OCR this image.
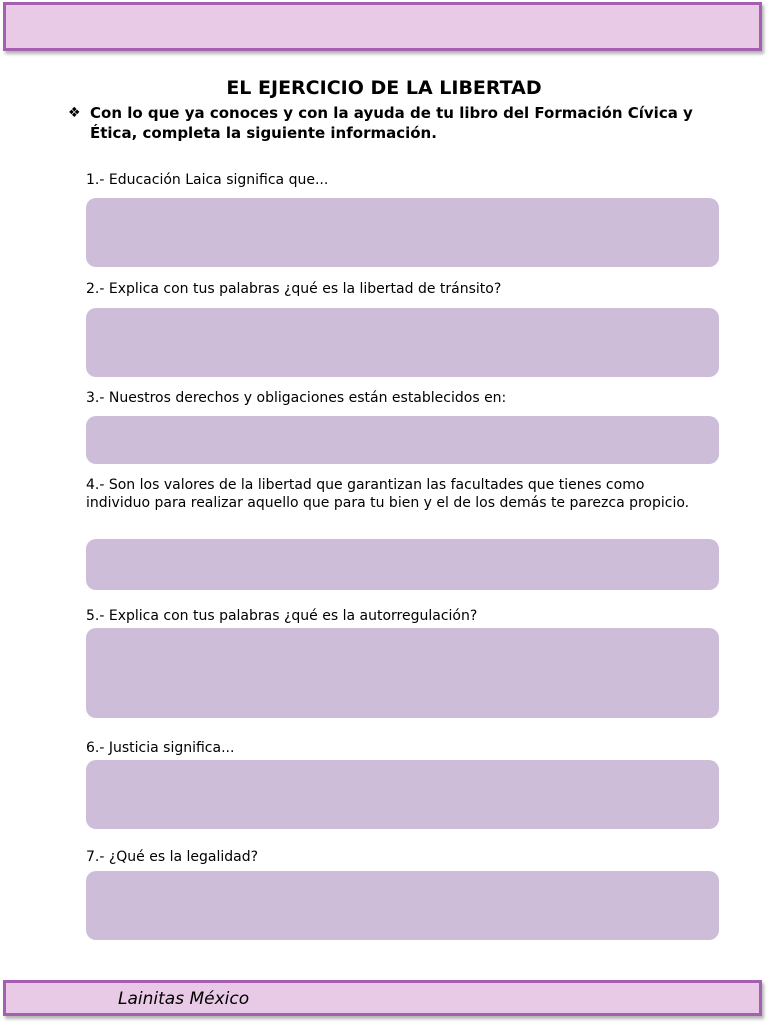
EL EJERCICIO DE LA LIBERTAD
❖ Con lo que ya conoces y con la ayuda de tu libro del Formación Cívica y Ética, completa la siguiente información.
1.- Educación Laica significa que...
2.- Explica con tus palabras ¿qué es la libertad de tránsito?
3.- Nuestros derechos y obligaciones están establecidos en:
4.- Son los valores de la libertad que garantizan las facultades que tienes como individuo para realizar aquello que para tu bien y el de los demás te parezca propicio.
5.- Explica con tus palabras ¿qué es la autorregulación?
6.- Justicia significa...
7.- ¿Qué es la legalidad?
Lainitas México
